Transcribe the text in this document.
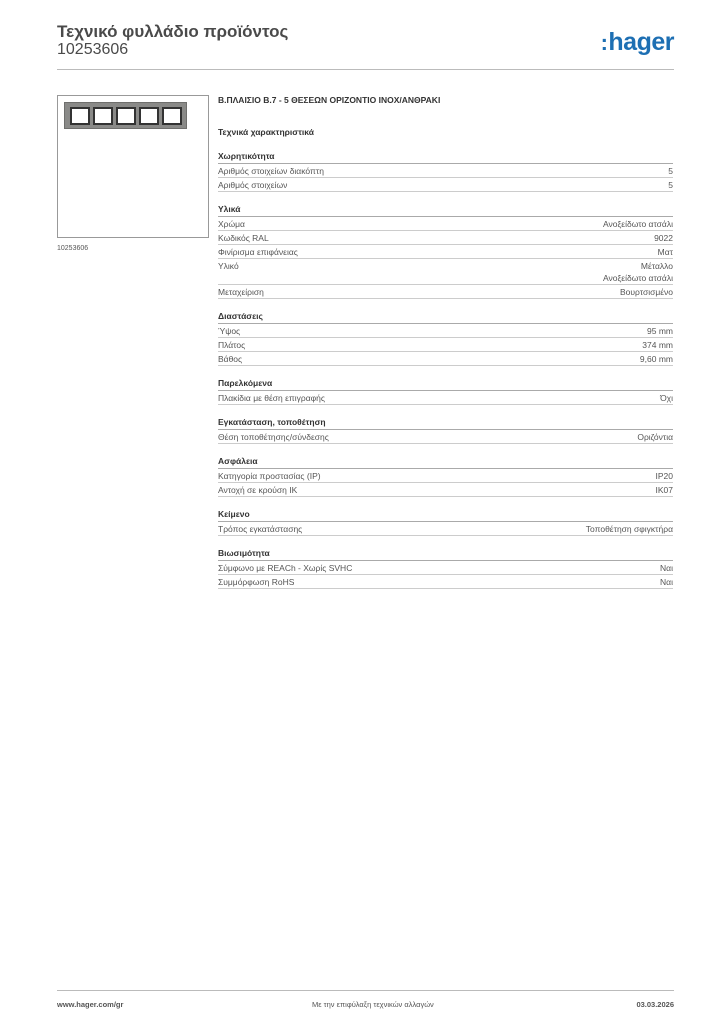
Τεχνικό φυλλάδιο προϊόντος
10253606	:hager
10253606
Β.ΠΛΑΙΣΙΟ Β.7 - 5 ΘΕΣΕΩΝ ΟΡΙΖΟΝΤΙΟ ΙΝΟΧ/ΑΝΘΡΑΚΙ
Τεχνικά χαρακτηριστικά
Χωρητικότητα
Αριθμός στοιχείων διακόπτη	5
Αριθμός στοιχείων	5
Υλικά
Χρώμα	Ανοξείδωτο ατσάλι
Κωδικός RAL	9022
Φινίρισμα επιφάνειας	Ματ
Υλικό	Μέταλλο
Ανοξείδωτο ατσάλι
Μεταχείριση	Βουρτσισμένο
Διαστάσεις
Ύψος	95 mm
Πλάτος	374 mm
Βάθος	9,60 mm
Παρελκόμενα
Πλακίδια με θέση επιγραφής	Όχι
Εγκατάσταση, τοποθέτηση
Θέση τοποθέτησης/σύνδεσης	Οριζόντια
Ασφάλεια
Κατηγορία προστασίας (IP)	IP20
Αντοχή σε κρούση IK	IK07
Κείμενο
Τρόπος εγκατάστασης	Τοποθέτηση σφιγκτήρα
Βιωσιμότητα
Σύμφωνο με REACh - Χωρίς SVHC	Ναι
Συμμόρφωση RoHS	Ναι
www.hager.com/gr	Με την επιφύλαξη τεχνικών αλλαγών	03.03.2026
